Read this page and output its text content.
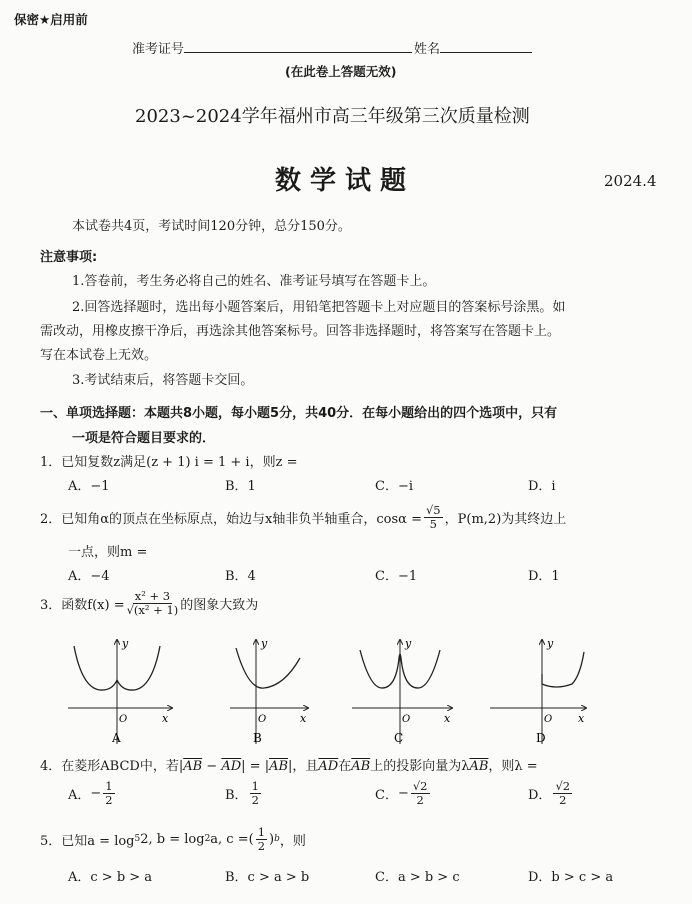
保密★启用前
准考证号	姓名
(在此卷上答题无效)
2023~2024学年福州市高三年级第三次质量检测
数学试题	2024.4
本试卷共4页，考试时间120分钟，总分150分。
注意事项:
1.答卷前，考生务必将自己的姓名、准考证号填写在答题卡上。
2.回答选择题时，选出每小题答案后，用铅笔把答题卡上对应题目的答案标号涂黑。如
需改动，用橡皮擦干净后，再选涂其他答案标号。回答非选择题时，将答案写在答题卡上。
写在本试卷上无效。
3.考试结束后，将答题卡交回。
一、单项选择题：本题共8小题，每小题5分，共40分．在每小题给出的四个选项中，只有
一项是符合题目要求的．
1．已知复数z满足(z + 1) i = 1 + i，则z =
A．−1	B．1	C．−i	D．i
2． 已知角α的顶点在坐标原点，始边与x轴非负半轴重合，$\cos\alpha = \frac{√5}{5}$ ，P(m,2)为其终边上
一点，则m =
A．−4	B．4	C．−1	D．1
3． 函数$f(x) = \frac{\text{x² + 3}}{\text{√(x² + 1)}}$ 的图象大致为
y
x
O
A
y
x
O
B
y
x
O
C
y
x
O
D
4．在菱形ABCD中，若$|\overline{AB} - \overline{AD}| = |\overline{AB}|$，且$\overline{AD}$在$\overline{AB}$上的投影向量为$\lambda\overline{AB}$，则λ =
A． − $\frac{1}{2}$	B． $\frac{1}{2}$	C． − $\frac{√2}{2}$	D． $\frac{√2}{2}$
5． 已知a = log 5 2, b = log 2 a, c =( $\frac{1}{2}$ ) b ，则
A．c > b > a	B．c > a > b	C．a > b > c	D．b > c > a
